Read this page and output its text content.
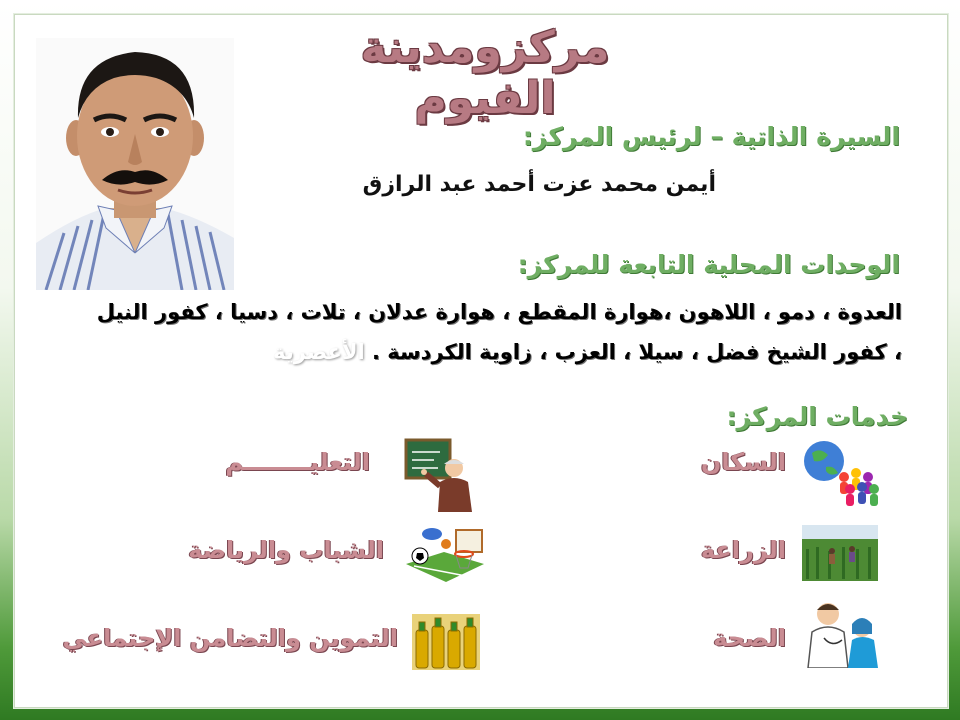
مركزومدينة الفيوم
السيرة الذاتية – لرئيس المركز:
أيمن محمد عزت أحمد عبد الرازق
الوحدات المحلية التابعة للمركز:
العدوة ، دمو ، اللاهون ،هوارة المقطع ، هوارة عدلان ، تلات ، دسيا ، كفور النيل ، كفور الشيخ فضل ، سيلا ، العزب ، زاوية الكردسة . الأعصرية
خدمات المركز:
السكان
التعليــــــــم
الزراعة
الشباب والرياضة
الصحة
التموين والتضامن الإجتماعي
